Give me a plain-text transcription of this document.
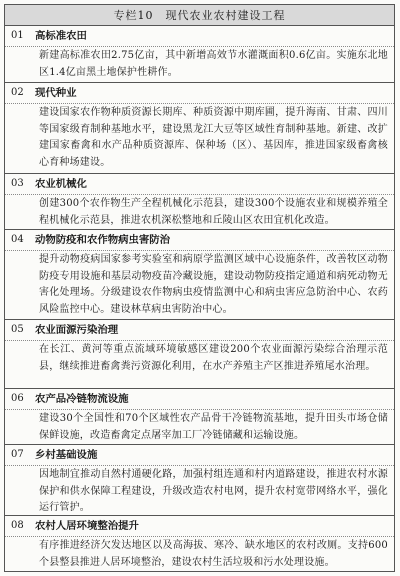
专栏10　现代农业农村建设工程
01	高标准农田
新建高标准农田2.75亿亩，其中新增高效节水灌溉面积0.6亿亩。实施东北地区1.4亿亩黑土地保护性耕作。
02	现代种业
建设国家农作物种质资源长期库、种质资源中期库圃，提升海南、甘肃、四川等国家级育制种基地水平，建设黑龙江大豆等区域性育制种基地。新建、改扩建国家畜禽和水产品种质资源库、保种场（区）、基因库，推进国家级畜禽核心育种场建设。
03	农业机械化
创建300个农作物生产全程机械化示范县，建设300个设施农业和规模养殖全程机械化示范县，推进农机深松整地和丘陵山区农田宜机化改造。
04	动物防疫和农作物病虫害防治
提升动物疫病国家参考实验室和病原学监测区域中心设施条件，改善牧区动物防疫专用设施和基层动物疫苗冷藏设施，建设动物防疫指定通道和病死动物无害化处理场。分级建设农作物病虫疫情监测中心和病虫害应急防治中心、农药风险监控中心。建设林草病虫害防治中心。
05	农业面源污染治理
在长江、黄河等重点流域环境敏感区建设200个农业面源污染综合治理示范县，继续推进畜禽粪污资源化利用，在水产养殖主产区推进养殖尾水治理。
06	农产品冷链物流设施
建设30个全国性和70个区域性农产品骨干冷链物流基地，提升田头市场仓储保鲜设施，改造畜禽定点屠宰加工厂冷链储藏和运输设施。
07	乡村基础设施
因地制宜推动自然村通硬化路，加强村组连通和村内道路建设，推进农村水源保护和供水保障工程建设，升级改造农村电网，提升农村宽带网络水平，强化运行管护。
08	农村人居环境整治提升
有序推进经济欠发达地区以及高海拔、寒冷、缺水地区的农村改厕。支持600个县整县推进人居环境整治，建设农村生活垃圾和污水处理设施。
